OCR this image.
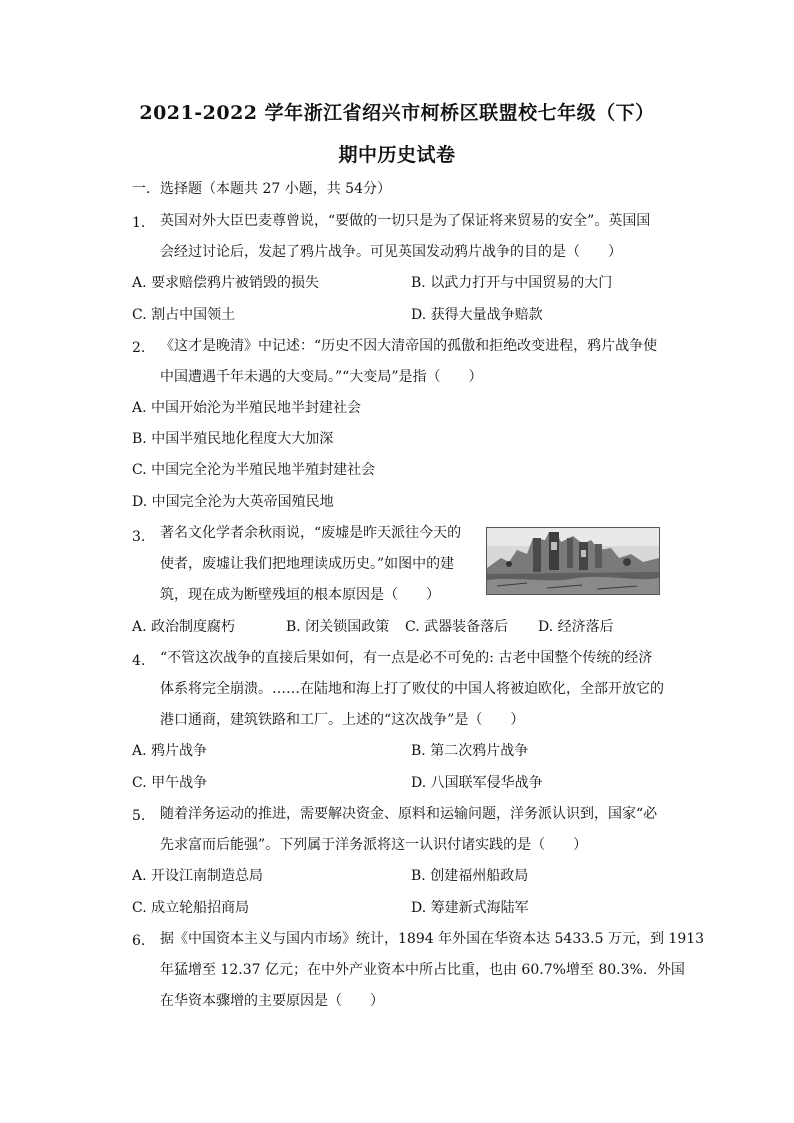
2021-2022 学年浙江省绍兴市柯桥区联盟校七年级（下）
期中历史试卷
一．选择题（本题共 27 小题，共 54分）
1. 英国对外大臣巴麦尊曾说，“要做的一切只是为了保证将来贸易的安全”。英国国
会经过讨论后，发起了鸦片战争。可见英国发动鸦片战争的目的是（　　）
A. 要求赔偿鸦片被销毁的损失	B. 以武力打开与中国贸易的大门
C. 割占中国领土	D. 获得大量战争赔款
2. 《这才是晚清》中记述：“历史不因大清帝国的孤傲和拒绝改变进程，鸦片战争使
中国遭遇千年未遇的大变局。”“大变局”是指（　　）
A. 中国开始沦为半殖民地半封建社会
B. 中国半殖民地化程度大大加深
C. 中国完全沦为半殖民地半殖封建社会
D. 中国完全沦为大英帝国殖民地
3. 著名文化学者余秋雨说，“废墟是昨天派往今天的
使者，废墟让我们把地理读成历史。”如图中的建
筑，现在成为断壁残垣的根本原因是（　　）
A. 政治制度腐朽	B. 闭关锁国政策 C. 武器装备落后 D. 经济落后
4. “不管这次战争的直接后果如何，有一点是必不可免的: 古老中国整个传统的经济
体系将完全崩溃。……在陆地和海上打了败仗的中国人将被迫欧化，全部开放它的
港口通商，建筑铁路和工厂。上述的“这次战争”是（　　）
A. 鸦片战争	B. 第二次鸦片战争
C. 甲午战争	D. 八国联军侵华战争
5. 随着洋务运动的推进，需要解决资金、原料和运输问题，洋务派认识到，国家“必
先求富而后能强”。下列属于洋务派将这一认识付诸实践的是（　　）
A. 开设江南制造总局	B. 创建福州船政局
C. 成立轮船招商局	D. 筹建新式海陆军
6. 据《中国资本主义与国内市场》统计，1894 年外国在华资本达 5433.5 万元，到 1913
年猛增至 12.37 亿元；在中外产业资本中所占比重，也由 60.7%增至 80.3%．外国
在华资本骤增的主要原因是（　　）
